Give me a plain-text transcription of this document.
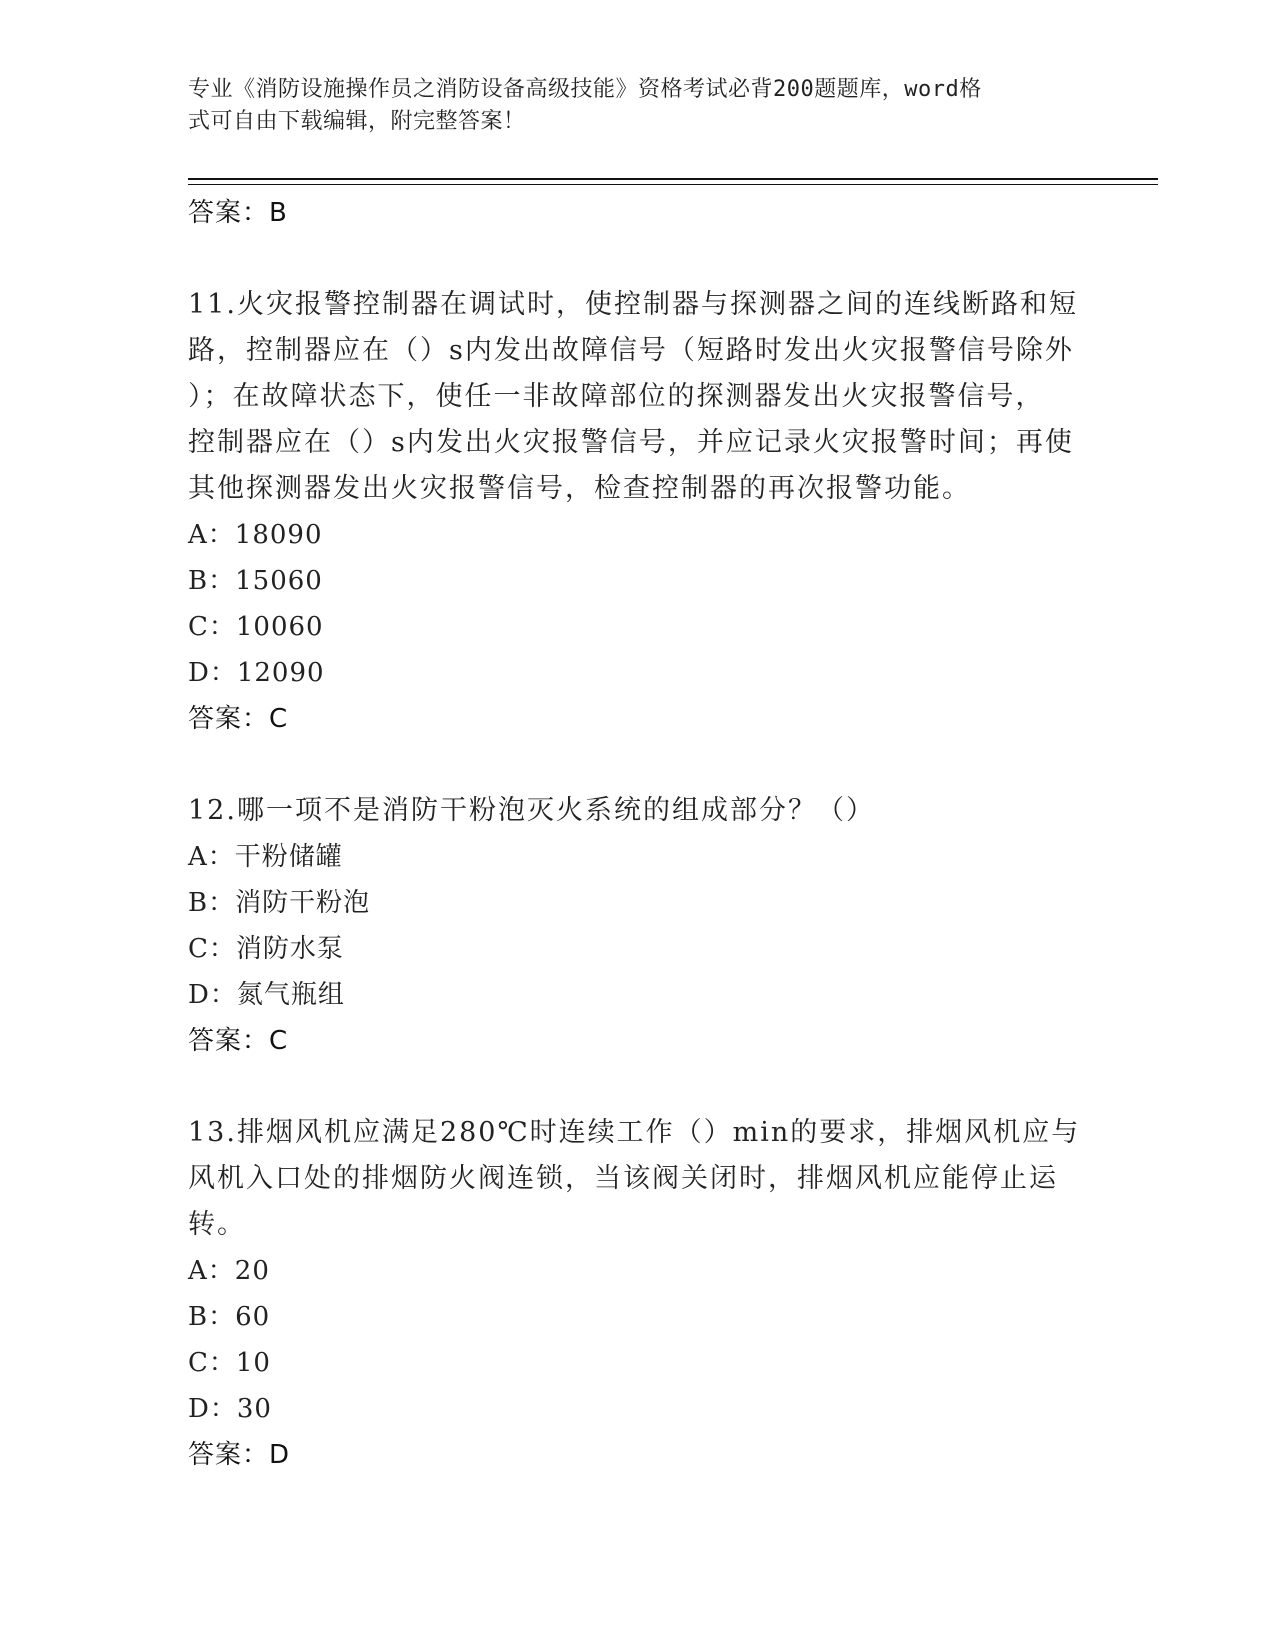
专业《消防设施操作员之消防设备高级技能》资格考试必背200题题库，word格
式可自由下载编辑，附完整答案！
答案：B
11.火灾报警控制器在调试时，使控制器与探测器之间的连线断路和短
路，控制器应在（）s内发出故障信号（短路时发出火灾报警信号除外
）；在故障状态下，使任一非故障部位的探测器发出火灾报警信号，
控制器应在（）s内发出火灾报警信号，并应记录火灾报警时间；再使
其他探测器发出火灾报警信号，检查控制器的再次报警功能。
A：18090
B：15060
C：10060
D：12090
答案：C
12.哪一项不是消防干粉泡灭火系统的组成部分？（）
A：干粉储罐
B：消防干粉泡
C：消防水泵
D：氮气瓶组
答案：C
13.排烟风机应满足280℃时连续工作（）min的要求，排烟风机应与
风机入口处的排烟防火阀连锁，当该阀关闭时，排烟风机应能停止运
转。
A：20
B：60
C：10
D：30
答案：D
